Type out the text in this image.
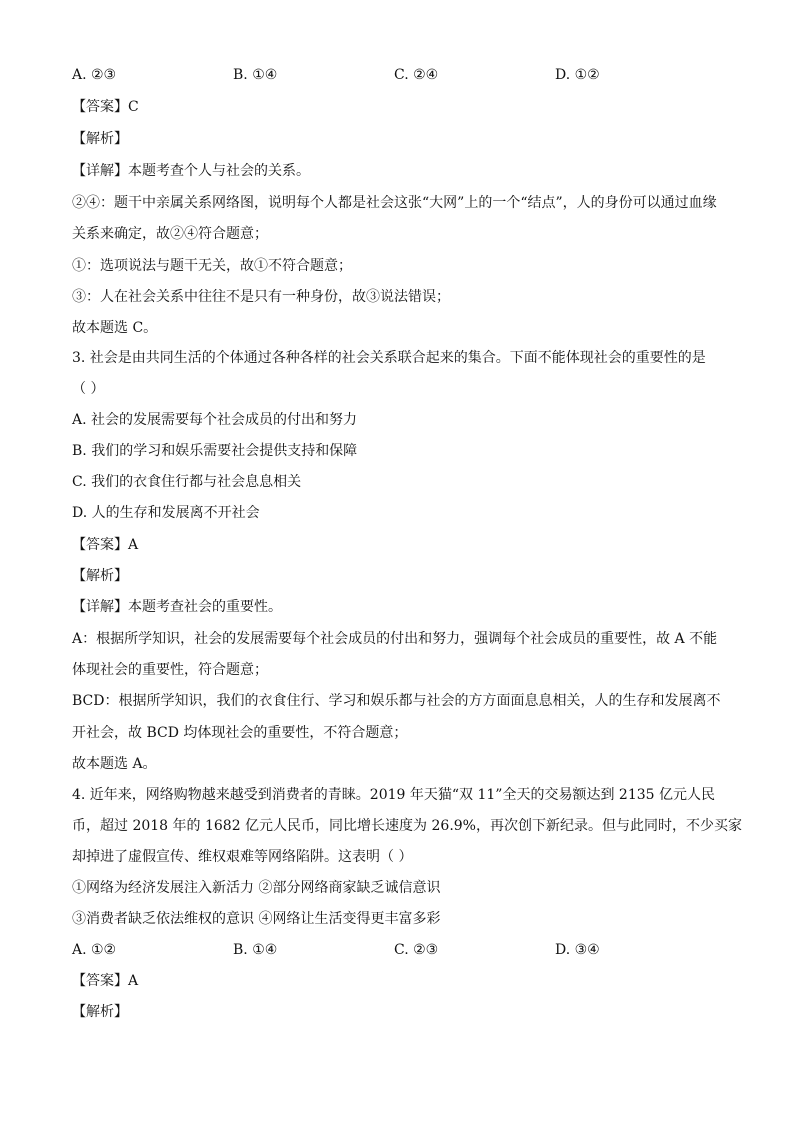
A. ②③	B. ①④	C. ②④	D. ①②
【答案】C
【解析】
【详解】本题考查个人与社会的关系。
②④：题干中亲属关系网络图，说明每个人都是社会这张“大网”上的一个“结点”，人的身份可以通过血缘
关系来确定，故②④符合题意；
①：选项说法与题干无关，故①不符合题意；
③：人在社会关系中往往不是只有一种身份，故③说法错误；
故本题选 C。
3. 社会是由共同生活的个体通过各种各样的社会关系联合起来的集合。下面不能体现社会的重要性的是
（ ）
A. 社会的发展需要每个社会成员的付出和努力
B. 我们的学习和娱乐需要社会提供支持和保障
C. 我们的衣食住行都与社会息息相关
D. 人的生存和发展离不开社会
【答案】A
【解析】
【详解】本题考查社会的重要性。
A：根据所学知识，社会的发展需要每个社会成员的付出和努力，强调每个社会成员的重要性，故 A 不能
体现社会的重要性，符合题意；
BCD：根据所学知识，我们的衣食住行、学习和娱乐都与社会的方方面面息息相关，人的生存和发展离不
开社会，故 BCD 均体现社会的重要性，不符合题意；
故本题选 A。
4. 近年来，网络购物越来越受到消费者的青睐。2019 年天猫“双 11”全天的交易额达到 2135 亿元人民
币，超过 2018 年的 1682 亿元人民币，同比增长速度为 26.9%，再次创下新纪录。但与此同时，不少买家
却掉进了虚假宣传、维权艰难等网络陷阱。这表明（ ）
①网络为经济发展注入新活力 ②部分网络商家缺乏诚信意识
③消费者缺乏依法维权的意识 ④网络让生活变得更丰富多彩
A. ①②	B. ①④	C. ②③	D. ③④
【答案】A
【解析】
